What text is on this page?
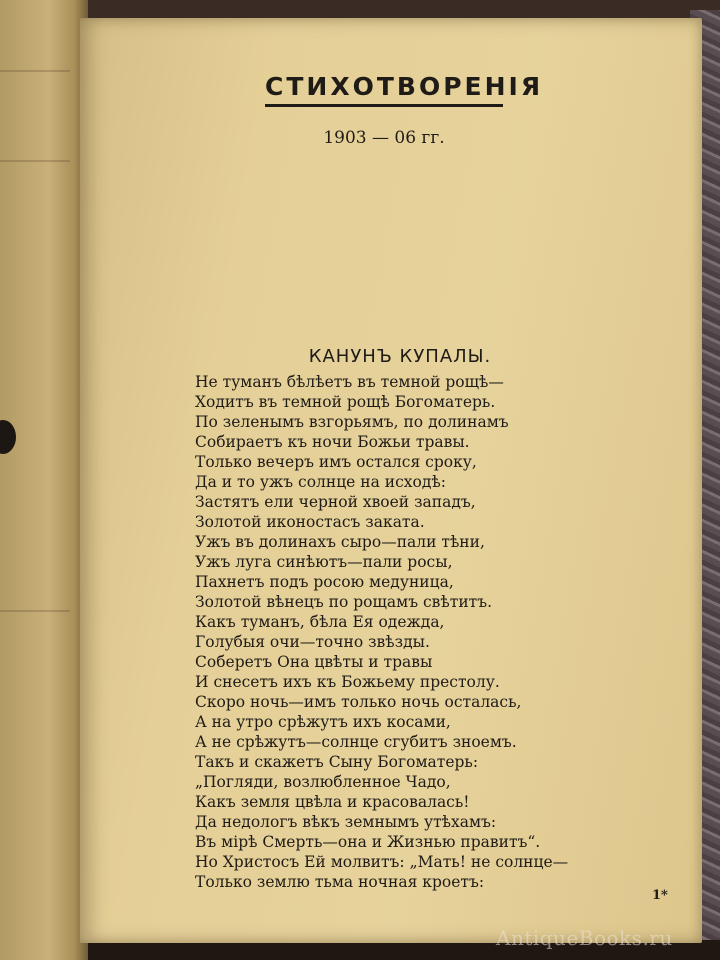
СТИХОТВОРЕНІЯ
1903 — 06 гг.
КАНУНЪ КУПАЛЫ.
Не туманъ бѣлѣетъ въ темной рощѣ—
Ходитъ въ темной рощѣ Богоматерь.
По зеленымъ взгорьямъ, по долинамъ
Собираетъ къ ночи Божьи травы.
Только вечеръ имъ остался сроку,
Да и то ужъ солнце на исходѣ:
Застятъ ели черной хвоей западъ,
Золотой иконостасъ заката.
Ужъ въ долинахъ сыро—пали тѣни,
Ужъ луга синѣютъ—пали росы,
Пахнетъ подъ росою медуница,
Золотой вѣнецъ по рощамъ свѣтитъ.
Какъ туманъ, бѣла Ея одежда,
Голубыя очи—точно звѣзды.
Соберетъ Она цвѣты и травы
И снесетъ ихъ къ Божьему престолу.
Скоро ночь—имъ только ночь осталась,
А на утро срѣжутъ ихъ косами,
А не срѣжутъ—солнце сгубитъ зноемъ.
Такъ и скажетъ Сыну Богоматерь:
„Погляди, возлюбленное Чадо,
Какъ земля цвѣла и красовалась!
Да недологъ вѣкъ земнымъ утѣхамъ:
Въ мірѣ Смерть—она и Жизнью правитъ“.
Но Христосъ Ей молвитъ: „Мать! не солнце—
Только землю тьма ночная кроетъ:
1*
AntiqueBooks.ru
